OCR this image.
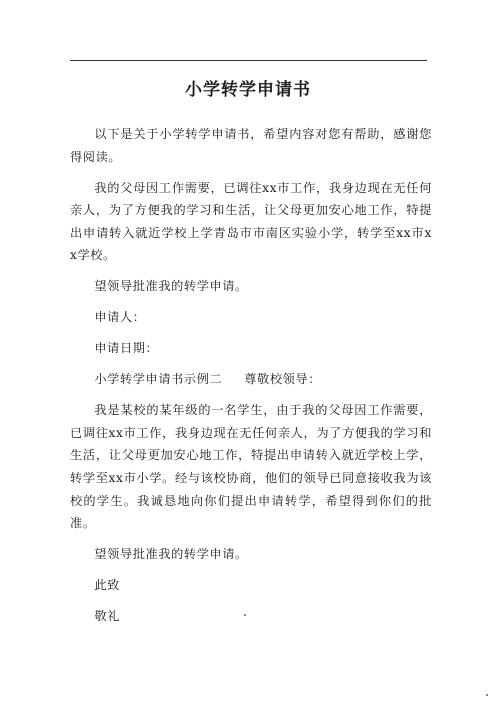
小学转学申请书

以下是关于小学转学申请书，希望内容对您有帮助，感谢您得阅读。

我的父母因工作需要，已调往xx市工作，我身边现在无任何亲人，为了方便我的学习和生活，让父母更加安心地工作，特提出申请转入就近学校上学青岛市市南区实验小学，转学至xx市xx学校。

望领导批准我的转学申请。

申请人：

申请日期：

小学转学申请书示例二 尊敬校领导：

我是某校的某年级的一名学生，由于我的父母因工作需要，已调往xx市工作，我身边现在无任何亲人，为了方便我的学习和生活，让父母更加安心地工作，特提出申请转入就近学校上学，转学至xx市小学。经与该校协商，他们的领导已同意接收我为该校的学生。我诚恳地向你们提出申请转学，希望得到你们的批准。

望领导批准我的转学申请。

此致

敬礼
